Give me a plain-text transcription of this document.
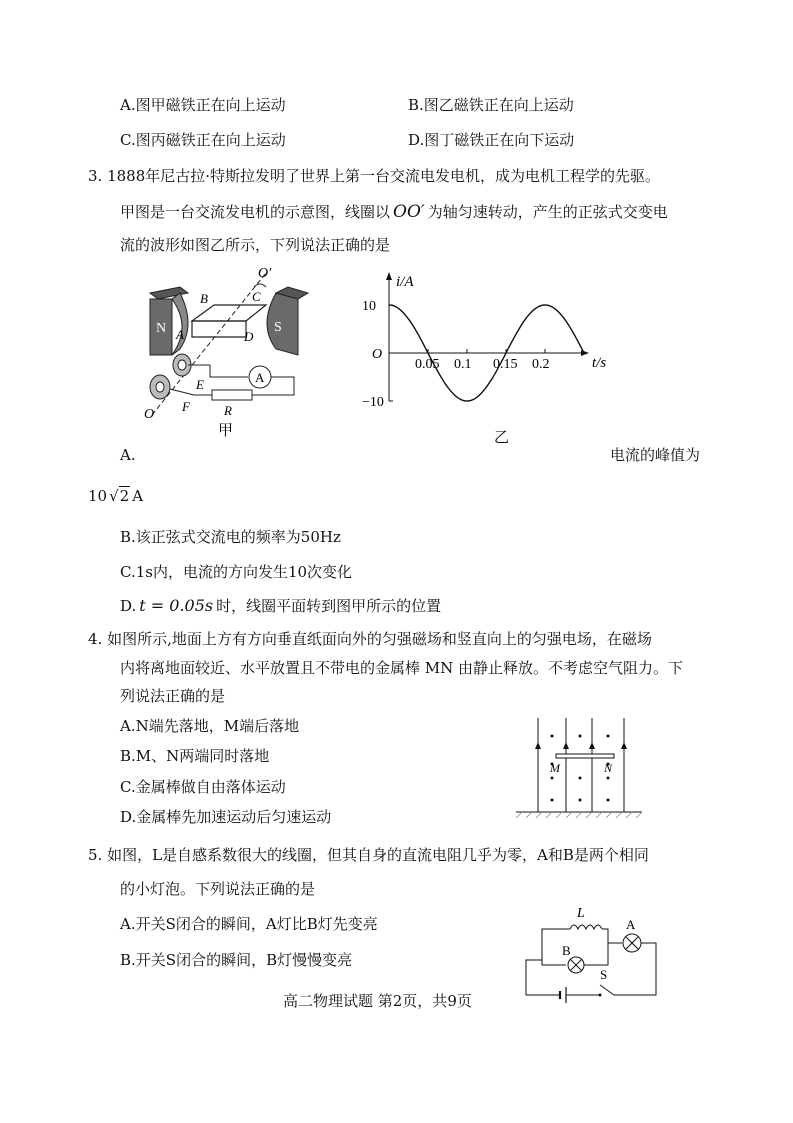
A.图甲磁铁正在向上运动	B.图乙磁铁正在向上运动
C.图丙磁铁正在向上运动	D.图丁磁铁正在向下运动
3. 1888年尼古拉·特斯拉发明了世界上第一台交流电发电机，成为电机工程学的先驱。
甲图是一台交流发电机的示意图，线圈以 OO′ 为轴匀速转动，产生的正弦式交变电
流的波形如图乙所示，下列说法正确的是
N	S
O′
B	C
A	D
E
F
O
A
R
甲
i/A
t/s
O
10
−10
0.05 0.1 0.15 0.2
乙
A.	电流的峰值为
10 √2 A
B.该正弦式交流电的频率为50Hz
C.1s内，电流的方向发生10次变化
D. t = 0.05s 时，线圈平面转到图甲所示的位置
4. 如图所示,地面上方有方向垂直纸面向外的匀强磁场和竖直向上的匀强电场，在磁场
内将离地面较近、水平放置且不带电的金属棒 MN 由静止释放。不考虑空气阻力。下
列说法正确的是
A.N端先落地，M端后落地
B.M、N两端同时落地
C.金属棒做自由落体运动
D.金属棒先加速运动后匀速运动
M	N
5. 如图，L是自感系数很大的线圈，但其自身的直流电阻几乎为零，A和B是两个相同
的小灯泡。下列说法正确的是
A.开关S闭合的瞬间，A灯比B灯先变亮
B.开关S闭合的瞬间，B灯慢慢变亮
L
B
A
S
高二物理试题 第2页，共9页
